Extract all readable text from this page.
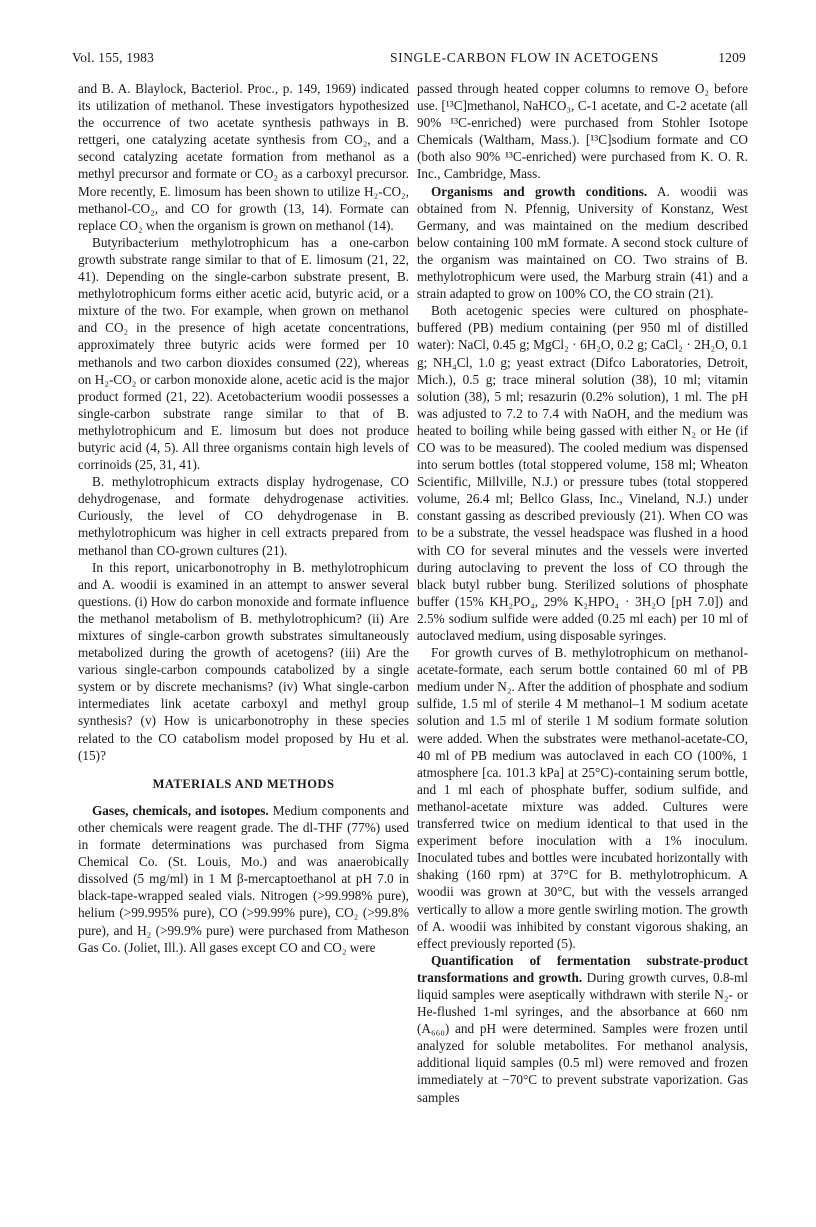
Vol. 155, 1983	SINGLE-CARBON FLOW IN ACETOGENS	1209

and B. A. Blaylock, Bacteriol. Proc., p. 149, 1969) indicated its utilization of methanol. These investigators hypothesized the occurrence of two acetate synthesis pathways in B. rettgeri, one catalyzing acetate synthesis from CO₂, and a second catalyzing acetate formation from methanol as a methyl precursor and formate or CO₂ as a carboxyl precursor. More recently, E. limosum has been shown to utilize H₂-CO₂, methanol-CO₂, and CO for growth (13, 14). Formate can replace CO₂ when the organism is grown on methanol (14).

Butyribacterium methylotrophicum has a one-carbon growth substrate range similar to that of E. limosum (21, 22, 41). Depending on the single-carbon substrate present, B. methylotrophicum forms either acetic acid, butyric acid, or a mixture of the two. For example, when grown on methanol and CO₂ in the presence of high acetate concentrations, approximately three butyric acids were formed per 10 methanols and two carbon dioxides consumed (22), whereas on H₂-CO₂ or carbon monoxide alone, acetic acid is the major product formed (21, 22). Acetobacterium woodii possesses a single-carbon substrate range similar to that of B. methylotrophicum and E. limosum but does not produce butyric acid (4, 5). All three organisms contain high levels of corrinoids (25, 31, 41).

B. methylotrophicum extracts display hydrogenase, CO dehydrogenase, and formate dehydrogenase activities. Curiously, the level of CO dehydrogenase in B. methylotrophicum was higher in cell extracts prepared from methanol than CO-grown cultures (21).

In this report, unicarbonotrophy in B. methylotrophicum and A. woodii is examined in an attempt to answer several questions. (i) How do carbon monoxide and formate influence the methanol metabolism of B. methylotrophicum? (ii) Are mixtures of single-carbon growth substrates simultaneously metabolized during the growth of acetogens? (iii) Are the various single-carbon compounds catabolized by a single system or by discrete mechanisms? (iv) What single-carbon intermediates link acetate carboxyl and methyl group synthesis? (v) How is unicarbonotrophy in these species related to the CO catabolism model proposed by Hu et al. (15)?

MATERIALS AND METHODS

Gases, chemicals, and isotopes. Medium components and other chemicals were reagent grade. The dl-THF (77%) used in formate determinations was purchased from Sigma Chemical Co. (St. Louis, Mo.) and was anaerobically dissolved (5 mg/ml) in 1 M β-mercaptoethanol at pH 7.0 in black-tape-wrapped sealed vials. Nitrogen (>99.998% pure), helium (>99.995% pure), CO (>99.99% pure), CO₂ (>99.8% pure), and H₂ (>99.9% pure) were purchased from Matheson Gas Co. (Joliet, Ill.). All gases except CO and CO₂ were

passed through heated copper columns to remove O₂ before use. [¹³C]methanol, NaHCO₃, C-1 acetate, and C-2 acetate (all 90% ¹³C-enriched) were purchased from Stohler Isotope Chemicals (Waltham, Mass.). [¹³C]sodium formate and CO (both also 90% ¹³C-enriched) were purchased from K. O. R. Inc., Cambridge, Mass.

Organisms and growth conditions. A. woodii was obtained from N. Pfennig, University of Konstanz, West Germany, and was maintained on the medium described below containing 100 mM formate. A second stock culture of the organism was maintained on CO. Two strains of B. methylotrophicum were used, the Marburg strain (41) and a strain adapted to grow on 100% CO, the CO strain (21).

Both acetogenic species were cultured on phosphate-buffered (PB) medium containing (per 950 ml of distilled water): NaCl, 0.45 g; MgCl₂ · 6H₂O, 0.2 g; CaCl₂ · 2H₂O, 0.1 g; NH₄Cl, 1.0 g; yeast extract (Difco Laboratories, Detroit, Mich.), 0.5 g; trace mineral solution (38), 10 ml; vitamin solution (38), 5 ml; resazurin (0.2% solution), 1 ml. The pH was adjusted to 7.2 to 7.4 with NaOH, and the medium was heated to boiling while being gassed with either N₂ or He (if CO was to be measured). The cooled medium was dispensed into serum bottles (total stoppered volume, 158 ml; Wheaton Scientific, Millville, N.J.) or pressure tubes (total stoppered volume, 26.4 ml; Bellco Glass, Inc., Vineland, N.J.) under constant gassing as described previously (21). When CO was to be a substrate, the vessel headspace was flushed in a hood with CO for several minutes and the vessels were inverted during autoclaving to prevent the loss of CO through the black butyl rubber bung. Sterilized solutions of phosphate buffer (15% KH₂PO₄, 29% K₂HPO₄ · 3H₂O [pH 7.0]) and 2.5% sodium sulfide were added (0.25 ml each) per 10 ml of autoclaved medium, using disposable syringes.

For growth curves of B. methylotrophicum on methanol-acetate-formate, each serum bottle contained 60 ml of PB medium under N₂. After the addition of phosphate and sodium sulfide, 1.5 ml of sterile 4 M methanol–1 M sodium acetate solution and 1.5 ml of sterile 1 M sodium formate solution were added. When the substrates were methanol-acetate-CO, 40 ml of PB medium was autoclaved in each CO (100%, 1 atmosphere [ca. 101.3 kPa] at 25°C)-containing serum bottle, and 1 ml each of phosphate buffer, sodium sulfide, and methanol-acetate mixture was added. Cultures were transferred twice on medium identical to that used in the experiment before inoculation with a 1% inoculum. Inoculated tubes and bottles were incubated horizontally with shaking (160 rpm) at 37°C for B. methylotrophicum. A woodii was grown at 30°C, but with the vessels arranged vertically to allow a more gentle swirling motion. The growth of A. woodii was inhibited by constant vigorous shaking, an effect previously reported (5).

Quantification of fermentation substrate-product transformations and growth. During growth curves, 0.8-ml liquid samples were aseptically withdrawn with sterile N₂- or He-flushed 1-ml syringes, and the absorbance at 660 nm (A₆₆₀) and pH were determined. Samples were frozen until analyzed for soluble metabolites. For methanol analysis, additional liquid samples (0.5 ml) were removed and frozen immediately at −70°C to prevent substrate vaporization. Gas samples
